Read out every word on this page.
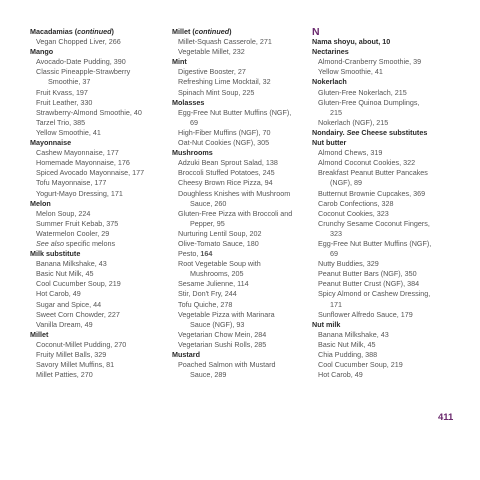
Macadamias (continued)
Vegan Chopped Liver, 266
Mango
Avocado-Date Pudding, 390
Classic Pineapple-Strawberry
Smoothie, 37
Fruit Kvass, 197
Fruit Leather, 330
Strawberry-Almond Smoothie, 40
Tarzel Trio, 385
Yellow Smoothie, 41
Mayonnaise
Cashew Mayonnaise, 177
Homemade Mayonnaise, 176
Spiced Avocado Mayonnaise, 177
Tofu Mayonnaise, 177
Yogurt-Mayo Dressing, 171
Melon
Melon Soup, 224
Summer Fruit Kebab, 375
Watermelon Cooler, 29
See also specific melons
Milk substitute
Banana Milkshake, 43
Basic Nut Milk, 45
Cool Cucumber Soup, 219
Hot Carob, 49
Sugar and Spice, 44
Sweet Corn Chowder, 227
Vanilla Dream, 49
Millet
Coconut-Millet Pudding, 270
Fruity Millet Balls, 329
Savory Millet Muffins, 81
Millet Patties, 270
Millet (continued)
Millet-Squash Casserole, 271
Vegetable Millet, 232
Mint
Digestive Booster, 27
Refreshing Lime Mocktail, 32
Spinach Mint Soup, 225
Molasses
Egg-Free Nut Butter Muffins (NGF),
69
High-Fiber Muffins (NGF), 70
Oat-Nut Cookies (NGF), 305
Mushrooms
Adzuki Bean Sprout Salad, 138
Broccoli Stuffed Potatoes, 245
Cheesy Brown Rice Pizza, 94
Doughless Knishes with Mushroom
Sauce, 260
Gluten-Free Pizza with Broccoli and
Pepper, 95
Nurturing Lentil Soup, 202
Olive-Tomato Sauce, 180
Pesto, 164
Root Vegetable Soup with
Mushrooms, 205
Sesame Julienne, 114
Stir, Don't Fry, 244
Tofu Quiche, 278
Vegetable Pizza with Marinara
Sauce (NGF), 93
Vegetarian Chow Mein, 284
Vegetarian Sushi Rolls, 285
Mustard
Poached Salmon with Mustard
Sauce, 289
N
Nama shoyu, about, 10
Nectarines
Almond-Cranberry Smoothie, 39
Yellow Smoothie, 41
Nokerlach
Gluten-Free Nokerlach, 215
Gluten-Free Quinoa Dumplings,
215
Nokerlach (NGF), 215
Nondairy. See Cheese substitutes
Nut butter
Almond Chews, 319
Almond Coconut Cookies, 322
Breakfast Peanut Butter Pancakes
(NGF), 89
Butternut Brownie Cupcakes, 369
Carob Confections, 328
Coconut Cookies, 323
Crunchy Sesame Coconut Fingers,
323
Egg-Free Nut Butter Muffins (NGF),
69
Nutty Buddies, 329
Peanut Butter Bars (NGF), 350
Peanut Butter Crust (NGF), 384
Spicy Almond or Cashew Dressing,
171
Sunflower Alfredo Sauce, 179
Nut milk
Banana Milkshake, 43
Basic Nut Milk, 45
Chia Pudding, 388
Cool Cucumber Soup, 219
Hot Carob, 49
411
